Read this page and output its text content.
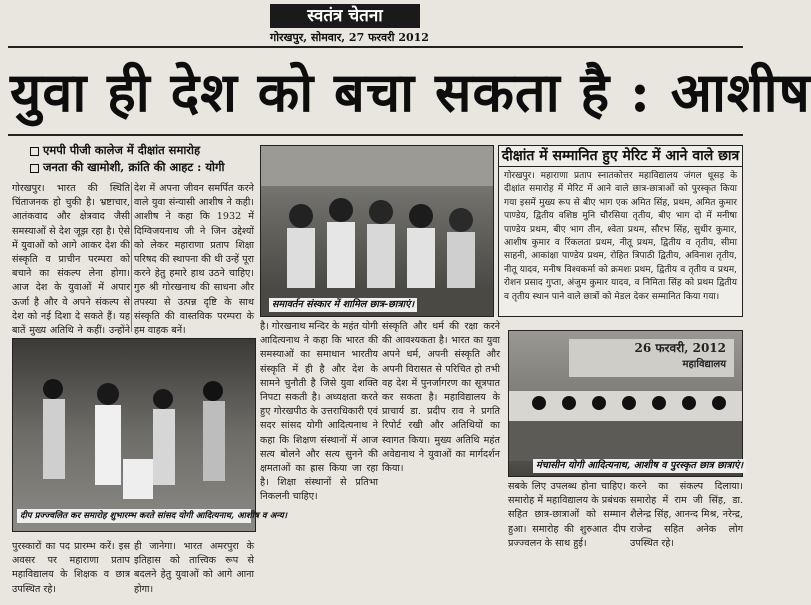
स्वतंत्र चेतना
गोरखपुर, सोमवार, 27 फरवरी 2012
युवा ही देश को बचा सकता है : आशीष
एमपी पीजी कालेज में दीक्षांत समारोह
जनता की खामोशी, क्रांति की आहट : योगी
गोरखपुर। भारत की स्थिति चिंताजनक हो चुकी है। भ्रष्टाचार, आतंकवाद और क्षेत्रवाद जैसी समस्याओं से देश जूझ रहा है। ऐसे में युवाओं को आगे आकर देश की संस्कृति व प्राचीन परम्परा को बचाने का संकल्प लेना होगा। आज देश के युवाओं में अपार ऊर्जा है और वे अपने संकल्प से देश को नई दिशा दे सकते हैं। यह बातें मुख्य अतिथि ने कहीं। उन्होंने
देश में अपना जीवन समर्पित करने वाले युवा संन्यासी आशीष ने कही। आशीष ने कहा कि 1932 में दिग्विजयनाथ जी ने जिन उद्देश्यों को लेकर महाराणा प्रताप शिक्षा परिषद की स्थापना की थी उन्हें पूरा करने हेतु हमारे हाथ उठने चाहिए। गुरु श्री गोरखनाथ की साधना और तपस्या से उत्पन्न दृष्टि के साथ संस्कृति की वास्तविक परम्परा के हम वाहक बनें।
समावर्तन संस्कार में शामिल छात्र-छात्राएं।
दीक्षांत में सम्मानित हुए मेरिट में आने वाले छात्र
गोरखपुर। महाराणा प्रताप स्नातकोत्तर महाविद्यालय जंगल धूसड़ के दीक्षांत समारोह में मेरिट में आने वाले छात्र-छात्राओं को पुरस्कृत किया गया इसमें मुख्य रूप से बीए भाग एक अमित सिंह, प्रथम, अमित कुमार पाण्डेय, द्वितीय वशिष्ठ मुनि चौरसिया तृतीय, बीए भाग दो में मनीषा पाण्डेय प्रथम, बीए भाग तीन, श्वेता प्रथम, सौरभ सिंह, सुधीर कुमार, आशीष कुमार व रिंकलता प्रथम, नीतू प्रथम, द्वितीय व तृतीय, सीमा साहनी, आकांक्षा पाण्डेय प्रथम, रोहित त्रिपाठी द्वितीय, अविनाश तृतीय, नीतू यादव, मनीष विश्वकर्मा को क्रमशः प्रथम, द्वितीय व तृतीय व प्रथम, रोशन प्रसाद गुप्ता, अंजुम कुमार यादव, व निमिता सिंह को प्रथम द्वितीय व तृतीय स्थान पाने वाले छात्रों को मेडल देकर सम्मानित किया गया।
है। गोरखनाथ मन्दिर के महंत योगी आदित्यनाथ ने कहा कि भारत की समस्याओं का समाधान भारतीय संस्कृति में ही है और देश के सामने चुनौती है जिसे युवा शक्ति निपटा सकती है। अध्यक्षता करते हुए गोरखपीठ के उत्तराधिकारी एवं सदर सांसद योगी आदित्यनाथ ने कहा कि शिक्षण संस्थानों में आज सत्य बोलने और सत्य सुनने की क्षमताओं का ह्रास किया जा रहा है। शिक्षा संस्थानों से प्रतिभा निकलनी चाहिए।
संस्कृति और धर्म की रक्षा करने की आवश्यकता है। भारत का युवा अपने धर्म, अपनी संस्कृति और अपनी विरासत से परिचित हो तभी वह देश में पुनर्जागरण का सूत्रपात कर सकता है। महाविद्यालय के प्राचार्य डा. प्रदीप राव ने प्रगति रिपोर्ट रखी और अतिथियों का स्वागत किया। मुख्य अतिथि महंत अवेद्यनाथ ने युवाओं का मार्गदर्शन किया।
दीप प्रज्ज्वलित कर समारोह शुभारम्भ करते सांसद योगी आदित्यनाथ, आशीष व अन्य।
26 फरवरी, 2012
महाविद्यालय
मंचासीन योगी आदित्यनाथ, आशीष व पुरस्कृत छात्र छात्राएं।
पुरस्कारों का पद प्रारम्भ करें। इस अवसर पर महाराणा प्रताप महाविद्यालय के शिक्षक व छात्र उपस्थित रहे।
ही जानेगा। भारत अमरपुरा के इतिहास को तात्त्विक रूप से बदलने हेतु युवाओं को आगे आना होगा।
सबके लिए उपलब्ध होना चाहिए। समारोह में महाविद्यालय के प्रबंधक सहित छात्र-छात्राओं को सम्मान हुआ। समारोह की शुरुआत दीप प्रज्ज्वलन के साथ हुई।
करने का संकल्प दिलाया। समारोह में राम जी सिंह, डा. शैलेन्द्र सिंह, आनन्द मिश्र, नरेन्द्र, राजेन्द्र सहित अनेक लोग उपस्थित रहे।
